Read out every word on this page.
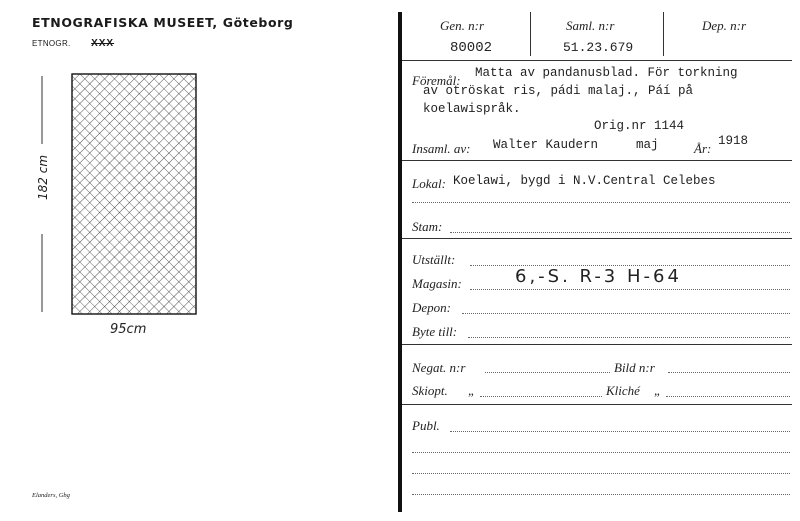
ETNOGRAFISKA MUSEET, Göteborg
ETNOGR. XXX
182 cm
95cm
Elanders, Gbg
Gen. n:r
80002
Saml. n:r
51.23.679
Dep. n:r
Föremål: Matta av pandanusblad. För torkning
av otröskat ris, pádi malaj., Páí på
koelawispråk.
Orig.nr 1144
Insaml. av: Walter Kaudern	maj	År: 1918
Lokal: Koelawi, bygd i N.V.Central Celebes
Stam:
Utställt:
Magasin:	6,-S. R-3 H-64
Depon:
Byte till:
Negat. n:r	Bild n:r
Skiopt. „	Kliché „
Publ.
